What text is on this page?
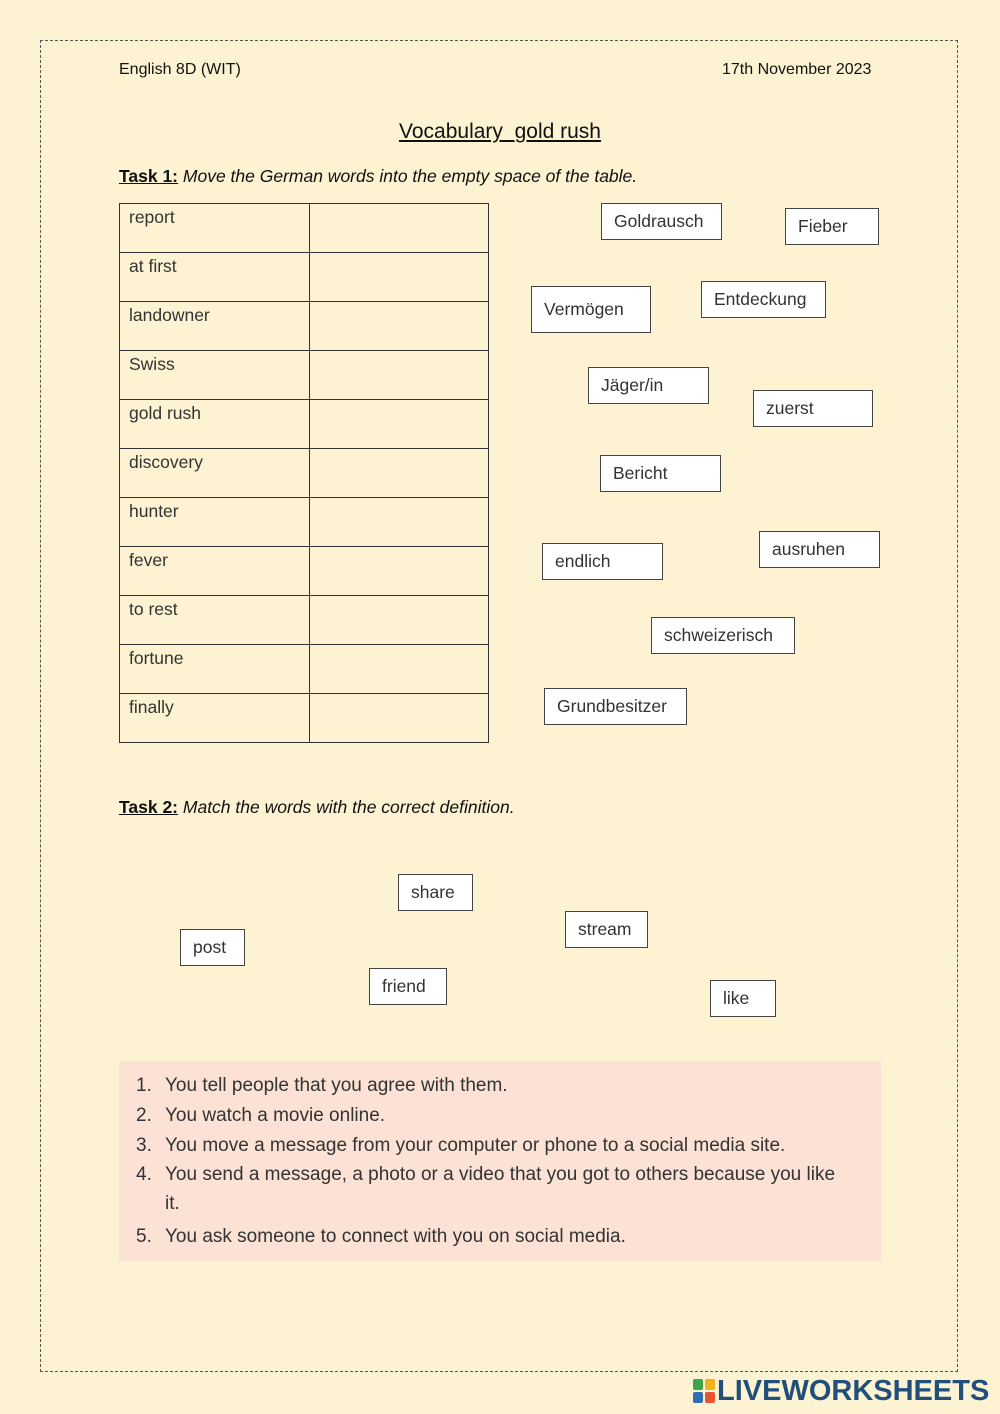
English 8D (WIT)	17th November 2023
Vocabulary_gold rush
Task 1: Move the German words into the empty space of the table.
report	
at first	
landowner	
Swiss	
gold rush	
discovery	
hunter	
fever	
to rest	
fortune	
finally	
Goldrausch	Fieber
Vermögen	Entdeckung
Jäger/in
zuerst
Bericht
endlich
ausruhen
schweizerisch
Grundbesitzer
Task 2: Match the words with the correct definition.
share
post
stream
friend
like
1. You tell people that you agree with them.
2. You watch a movie online.
3. You move a message from your computer or phone to a social media site.
4. You send a message, a photo or a video that you got to others because you like it.
5. You ask someone to connect with you on social media.
LIVEWORKSHEETS
